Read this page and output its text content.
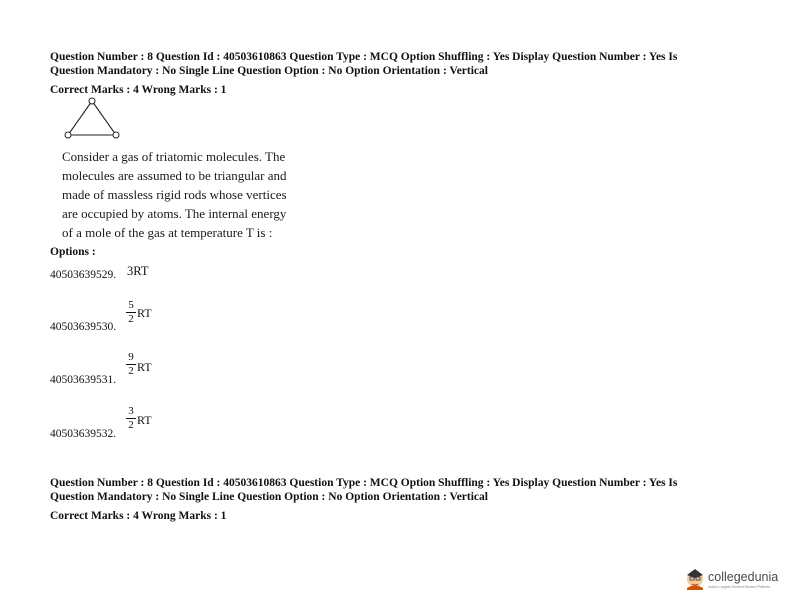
Question Number : 8 Question Id : 40503610863 Question Type : MCQ Option Shuffling : Yes Display Question Number : Yes Is
Question Mandatory : No Single Line Question Option : No Option Orientation : Vertical
Correct Marks : 4 Wrong Marks : 1
Consider a gas of triatomic molecules. The
molecules are assumed to be triangular and
made of massless rigid rods whose vertices
are occupied by atoms. The internal energy
of a mole of the gas at temperature T is :
Options :
40503639529. 3RT
40503639530.
5
2 RT
40503639531.
9
2 RT
40503639532.
3
2 RT
Question Number : 8 Question Id : 40503610863 Question Type : MCQ Option Shuffling : Yes Display Question Number : Yes Is
Question Mandatory : No Single Line Question Option : No Option Orientation : Vertical
Correct Marks : 4 Wrong Marks : 1
collegedunia
India's Largest Student Review Platform
